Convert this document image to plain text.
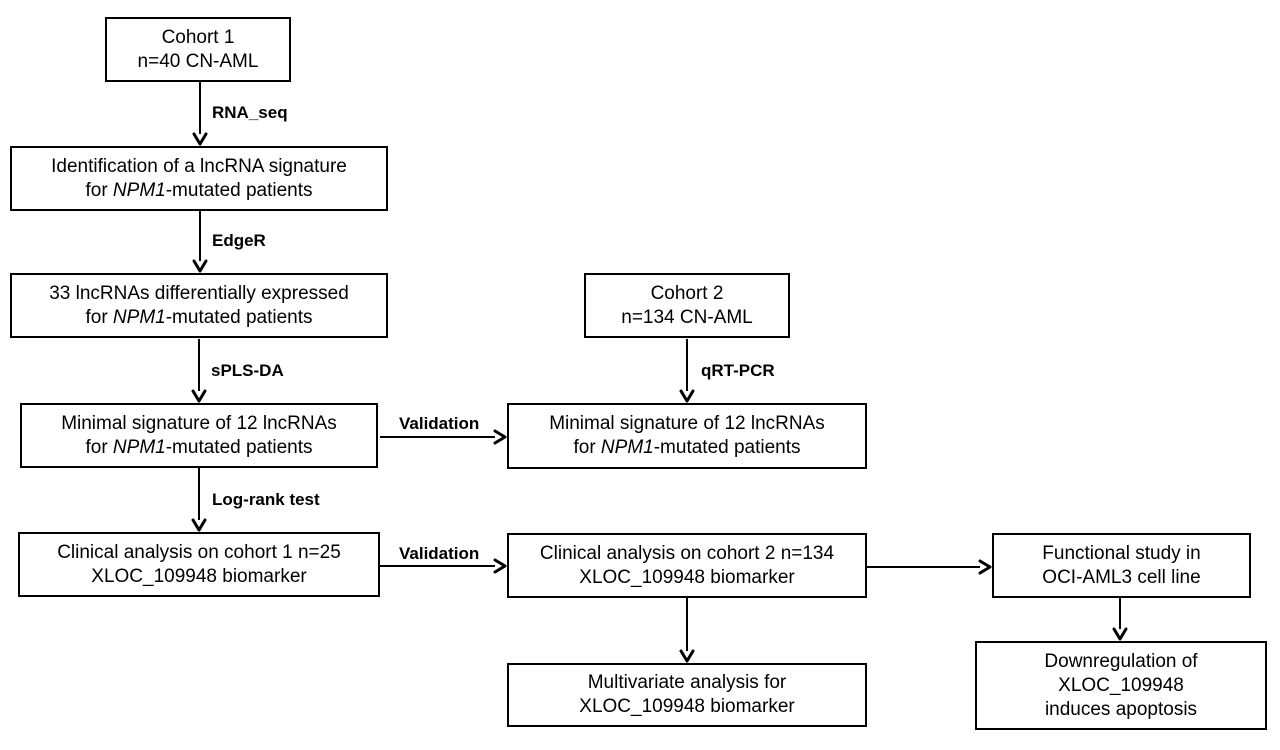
Cohort 1
n=40 CN-AML
Identification of a lncRNA signature
for NPM1-mutated patients
33 lncRNAs differentially expressed
for NPM1-mutated patients
Minimal signature of 12 lncRNAs
for NPM1-mutated patients
Clinical analysis on cohort 1 n=25
XLOC_109948 biomarker
Cohort 2
n=134 CN-AML
Minimal signature of 12 lncRNAs
for NPM1-mutated patients
Clinical analysis on cohort 2 n=134
XLOC_109948 biomarker
Multivariate analysis for
XLOC_109948 biomarker
Functional study in
OCI-AML3 cell line
Downregulation of
XLOC_109948
induces apoptosis
RNA_seq
EdgeR
sPLS-DA
Log-rank test
qRT-PCR
Validation
Validation
